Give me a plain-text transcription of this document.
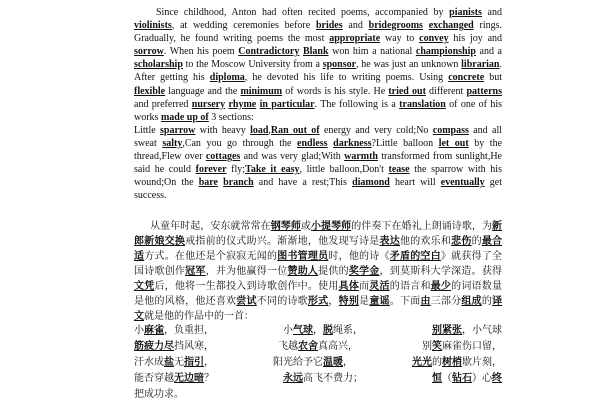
Since childhood, Anton had often recited poems, accompanied by pianists and violinists, at wedding ceremonies before brides and bridegrooms exchanged rings. Gradually, he found writing poems the most appropriate way to convey his joy and sorrow. When his poem Contradictory Blank won him a national championship and a scholarship to the Moscow University from a sponsor, he was just an unknown librarian. After getting his diploma, he devoted his life to writing poems. Using concrete but flexible language and the minimum of words is his style. He tried out different patterns and preferred nursery rhyme in particular. The following is a translation of one of his works made up of 3 sections:

Little sparrow with heavy load,Ran out of energy and very cold;No compass and all sweat salty,Can you go through the endless darkness?Little balloon let out by the thread,Flew over cottages and was very glad;With warmth transformed from sunlight,He said he could forever fly;Take it easy, little balloon,Don't tease the sparrow with his wound;On the bare branch and have a rest;This diamond heart will eventually get success.

从童年时起，安东就常常在钢琴师或小提琴师的伴奏下在婚礼上朗诵诗歌，为新郎新娘交换戒指前的仪式助兴。渐渐地，他发现写诗是表达他的欢乐和悲伤的最合适方式。在他还是个寂寂无闻的图书管理员时，他的诗《矛盾的空白》就获得了全国诗歌创作冠军，并为他赢得一位赞助人提供的奖学金，到莫斯科大学深造。获得文凭后，他将一生都投入到诗歌创作中。使用具体而灵活的语言和最少的词语数量是他的风格，他还喜欢尝试不同的诗歌形式，特别是童谣。下面由三部分组成的译文就是他的作品中的一首：

小麻雀，负重担，	小气球，脱绳系，	别紧张，小气球
筋疲力尽挡风寒，	飞越农舍真高兴，	别笑麻雀伤口留，
汗水成盐无指引，	阳光给予它温暖，	光光的树梢歇片刻，
能否穿越无边暗？	永远高飞不费力；	恒（钻石）心终

把成功求。
